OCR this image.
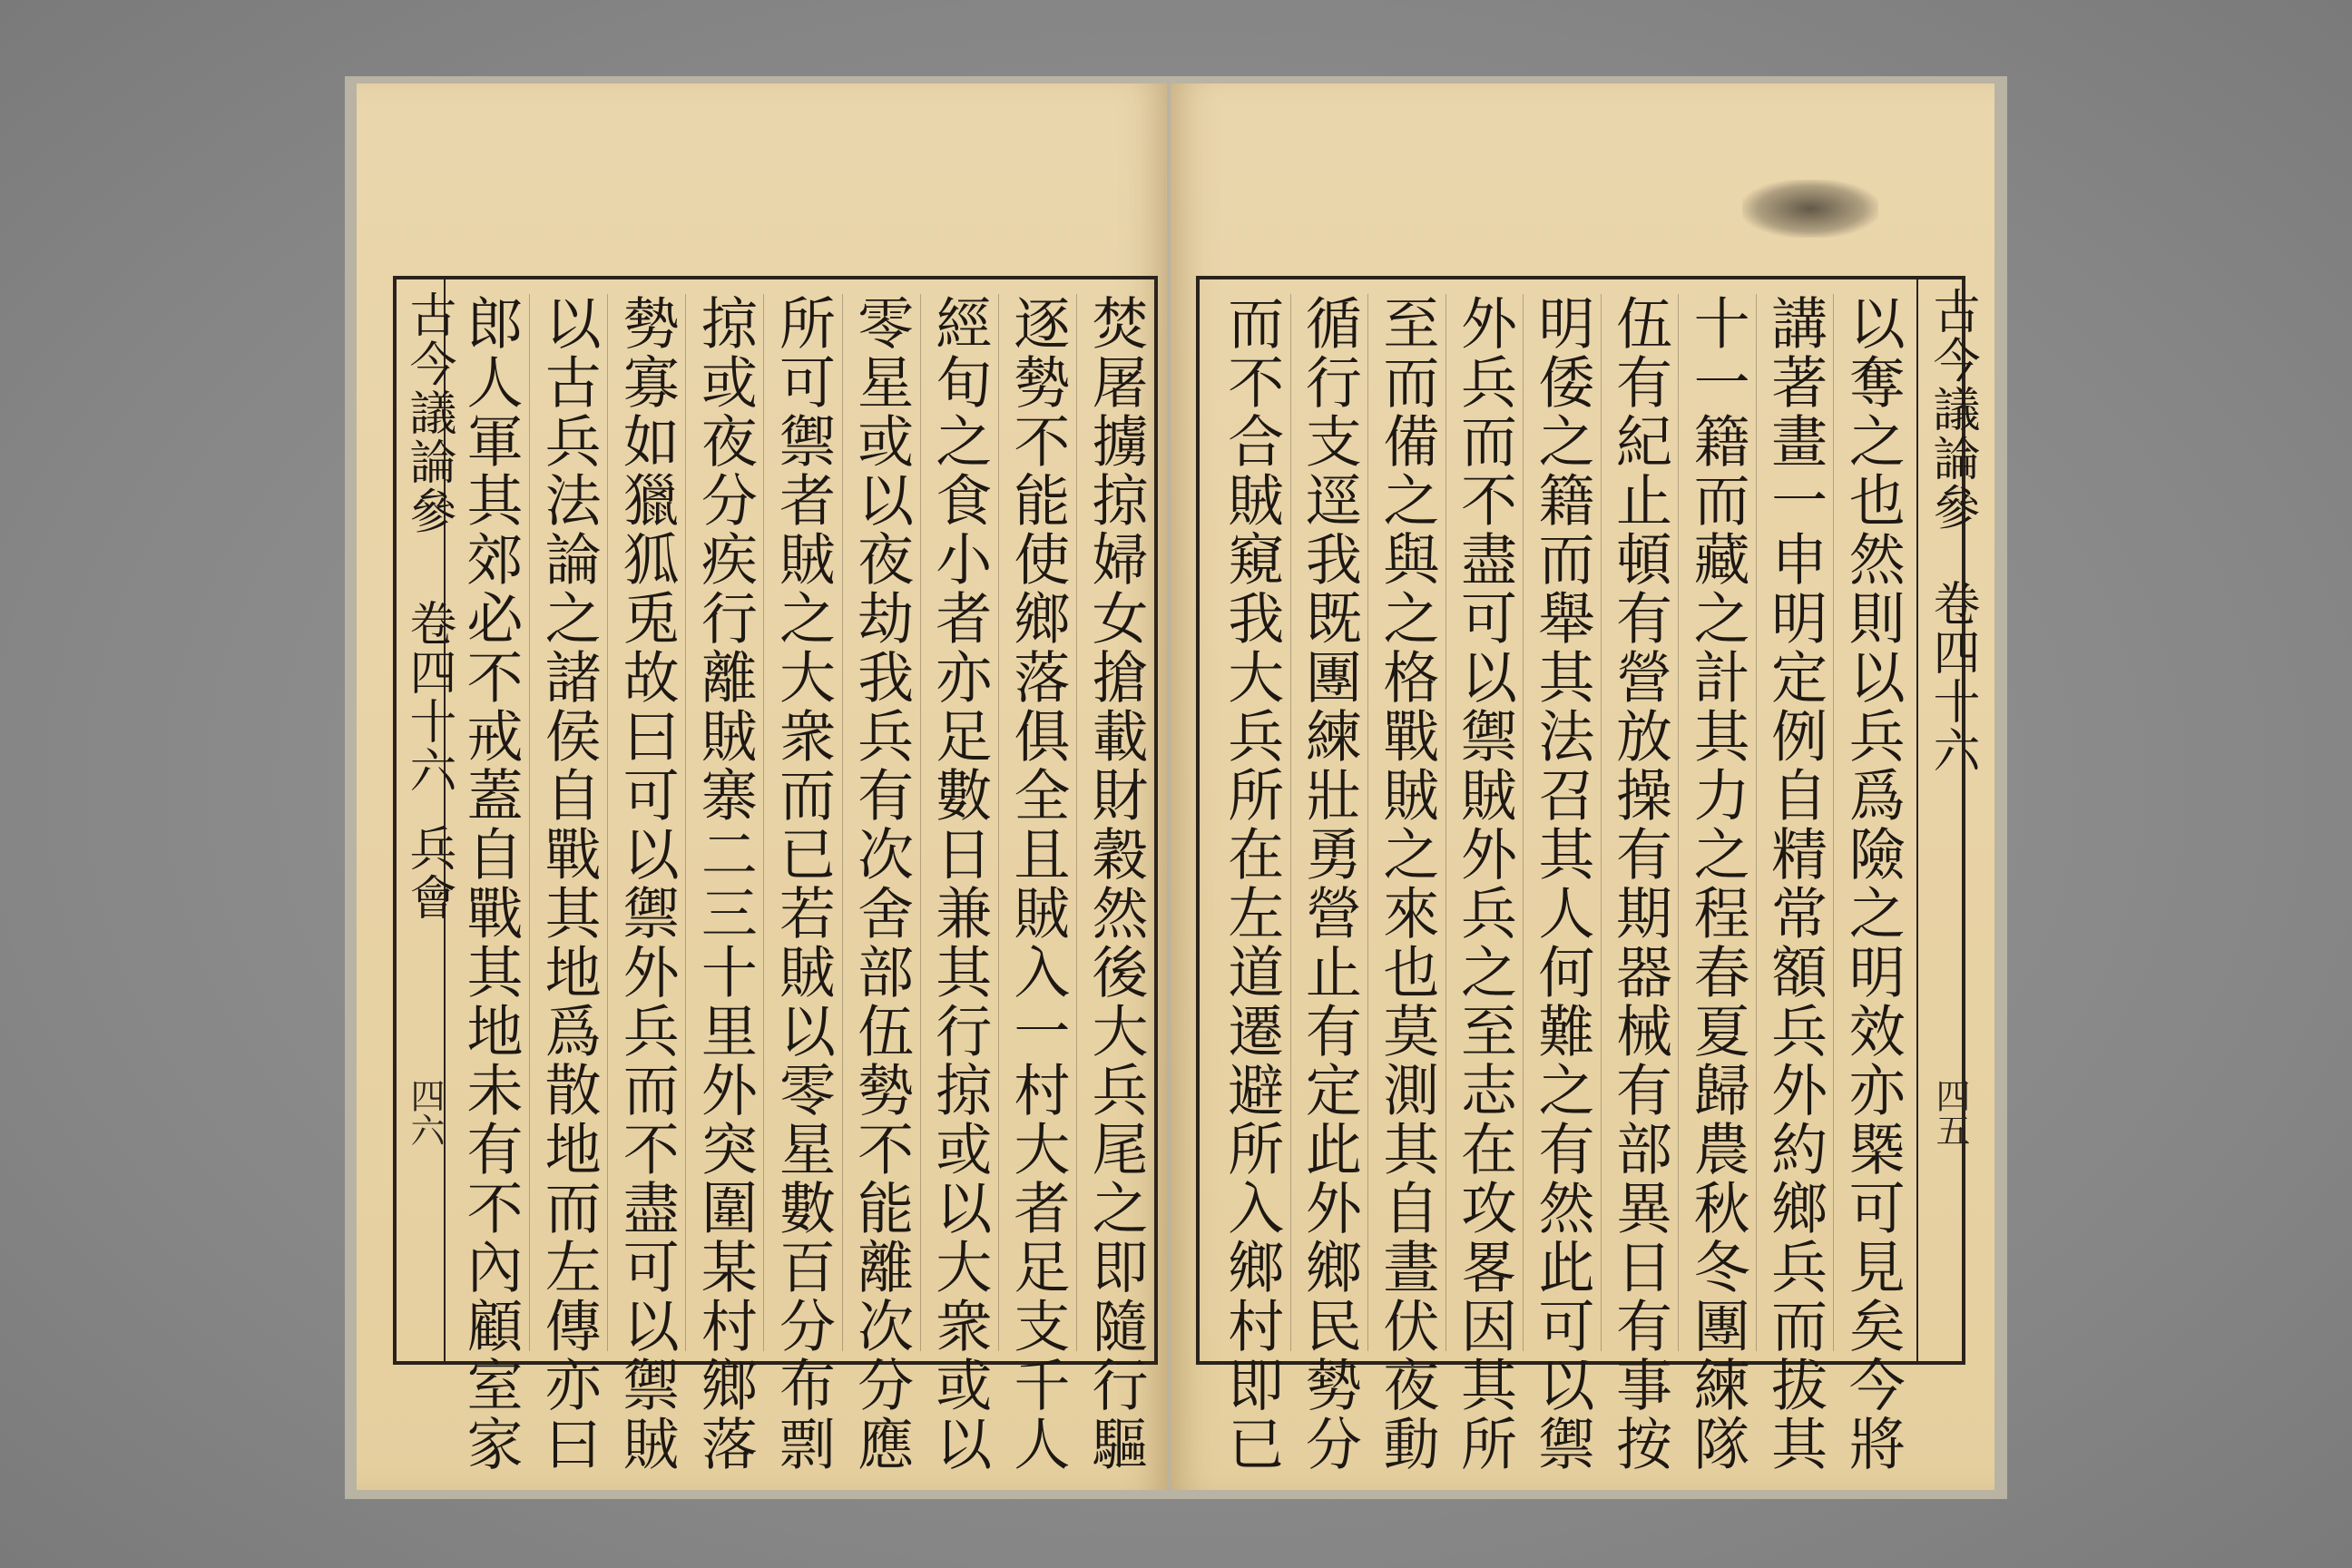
古今議論參
卷四十六
兵會
四六	焚屠擄掠婦女搶載財穀然後大兵尾之即隨行驅
逐勢不能使鄉落俱全且賊入一村大者足支千人
經旬之食小者亦足數日兼其行掠或以大衆或以
零星或以夜劫我兵有次舍部伍勢不能離次分應
所可禦者賊之大衆而已若賊以零星數百分布剽
掠或夜分疾行離賊寨二三十里外突圍某村鄉落
勢寡如獵狐兎故曰可以禦外兵而不盡可以禦賊
以古兵法論之諸侯自戰其地爲散地而左傳亦曰
郎人軍其郊必不戒蓋自戰其地未有不內顧室家	古今議論參
卷四十六
四五
以奪之也然則以兵爲險之明效亦槩可見矣今將
講著畫一申明定例自精常額兵外約鄉兵而拔其
十一籍而藏之計其力之程春夏歸農秋冬團練隊
伍有紀止頓有營放操有期器械有部異日有事按
明倭之籍而舉其法召其人何難之有然此可以禦
外兵而不盡可以禦賊外兵之至志在攻畧因其所
至而備之與之格戰賊之來也莫測其自晝伏夜動
循行支逕我既團練壯勇營止有定此外鄉民勢分
而不合賊窺我大兵所在左道遷避所入鄉村即已
